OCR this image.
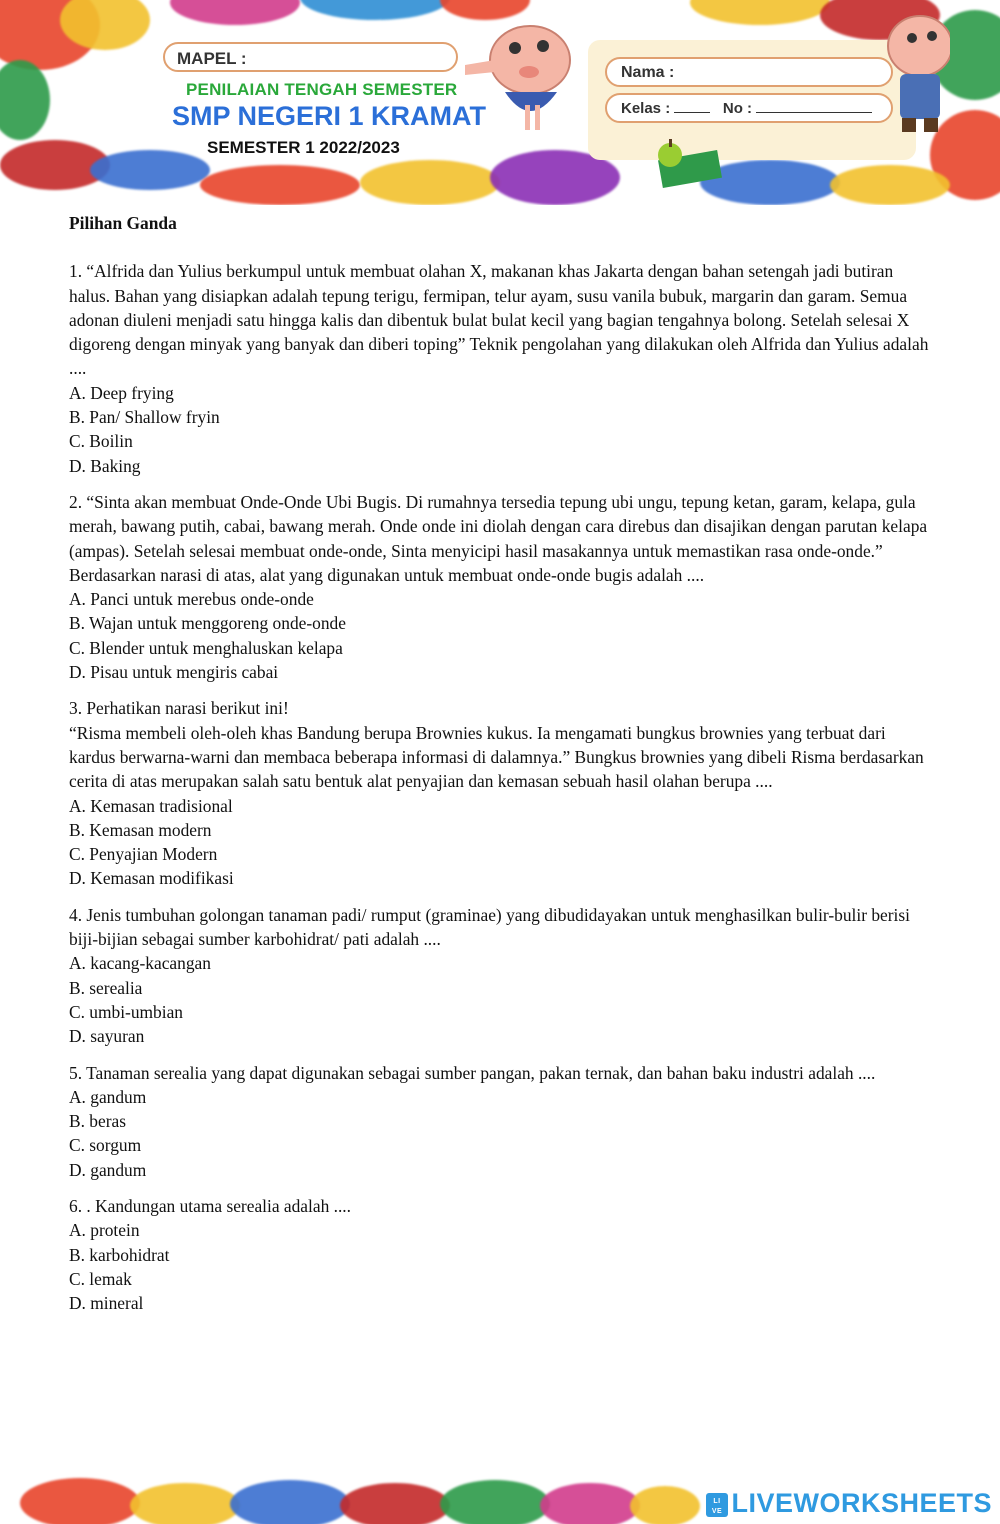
MAPEL :
PENILAIAN TENGAH SEMESTER
SMP NEGERI 1 KRAMAT
SEMESTER 1 2022/2023
Nama :
Kelas :	No :

Pilihan Ganda

1. “Alfrida dan Yulius berkumpul untuk membuat olahan X, makanan khas Jakarta dengan bahan setengah jadi butiran halus. Bahan yang disiapkan adalah tepung terigu, fermipan, telur ayam, susu vanila bubuk, margarin dan garam. Semua adonan diuleni menjadi satu hingga kalis dan dibentuk bulat bulat kecil yang bagian tengahnya bolong. Setelah selesai X digoreng dengan minyak yang banyak dan diberi toping” Teknik pengolahan yang dilakukan oleh Alfrida dan Yulius adalah ....

A. Deep frying

B. Pan/ Shallow fryin

C. Boilin

D. Baking

2. “Sinta akan membuat Onde-Onde Ubi Bugis. Di rumahnya tersedia tepung ubi ungu, tepung ketan, garam, kelapa, gula merah, bawang putih, cabai, bawang merah. Onde onde ini diolah dengan cara direbus dan disajikan dengan parutan kelapa (ampas). Setelah selesai membuat onde-onde, Sinta menyicipi hasil masakannya untuk memastikan rasa onde-onde.” Berdasarkan narasi di atas, alat yang digunakan untuk membuat onde-onde bugis adalah ....

A. Panci untuk merebus onde-onde

B. Wajan untuk menggoreng onde-onde

C. Blender untuk menghaluskan kelapa

D. Pisau untuk mengiris cabai

3. Perhatikan narasi berikut ini!

“Risma membeli oleh-oleh khas Bandung berupa Brownies kukus. Ia mengamati bungkus brownies yang terbuat dari kardus berwarna-warni dan membaca beberapa informasi di dalamnya.” Bungkus brownies yang dibeli Risma berdasarkan cerita di atas merupakan salah satu bentuk alat penyajian dan kemasan sebuah hasil olahan berupa ....

A. Kemasan tradisional

B. Kemasan modern

C. Penyajian Modern

D. Kemasan modifikasi

4. Jenis tumbuhan golongan tanaman padi/ rumput (graminae) yang dibudidayakan untuk menghasilkan bulir-bulir berisi biji-bijian sebagai sumber karbohidrat/ pati adalah ....

A. kacang-kacangan

B. serealia

C. umbi-umbian

D. sayuran

5. Tanaman serealia yang dapat digunakan sebagai sumber pangan, pakan ternak, dan bahan baku industri adalah ....

A. gandum

B. beras

C. sorgum

D. gandum

6. . Kandungan utama serealia adalah ....

A. protein

B. karbohidrat

C. lemak

D. mineral

LI
VE LIVEWORKSHEETS
